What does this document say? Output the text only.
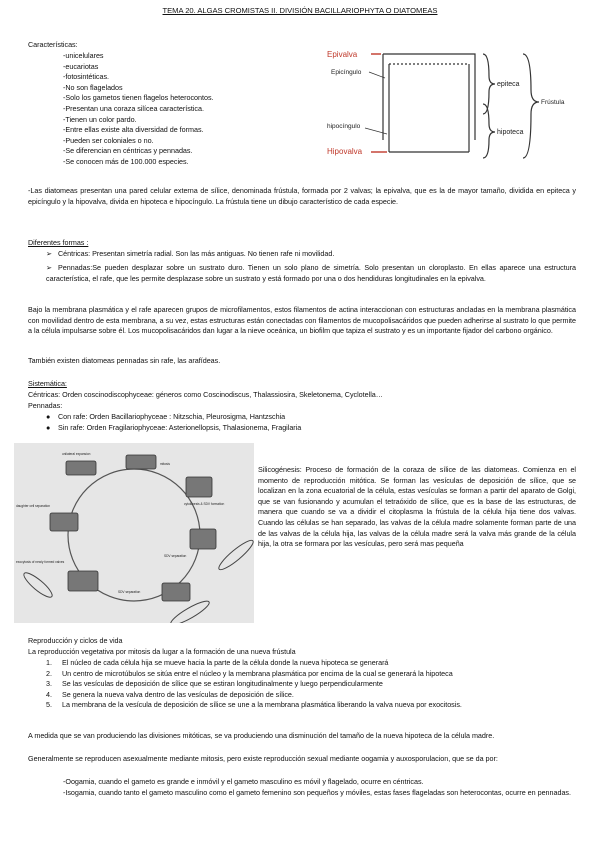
TEMA 20. ALGAS CROMISTAS II. DIVISIÓN BACILLARIOPHYTA O DIATOMEAS
Características:
-unicelulares
-eucariotas
-fotosintéticas.
-No son flagelados
-Solo los gametos tienen flagelos heterocontos.
-Presentan una coraza silícea característica.
-Tienen un color pardo.
-Entre ellas existe alta diversidad de formas.
-Pueden ser coloniales o no.
-Se diferencian en céntricas y pennadas.
-Se conocen más de 100.000 especies.
Epivalva
Epicíngulo
epiteca
hipocíngulo
Hipovalva
hipoteca
Frústula
-Las diatomeas presentan una pared celular externa de sílice, denominada frústula, formada por 2 valvas; la epivalva, que es la de mayor tamaño, dividida en epiteca y epicíngulo y la hipovalva, divida en hipoteca e hipocíngulo. La frústula tiene un dibujo característico de cada especie.
Diferentes formas :
➢ Céntricas: Presentan simetría radial. Son las más antiguas. No tienen rafe ni movilidad.
➢ Pennadas:Se pueden desplazar sobre un sustrato duro. Tienen un solo plano de simetría. Solo presentan un cloroplasto. En ellas aparece una estructura característica, el rafe, que les permite desplazase sobre un sustrato y está formado por una o dos hendiduras longitudinales en la epivalva.
Bajo la membrana plasmática y el rafe aparecen grupos de microfilamentos, estos filamentos de actina interaccionan con estructuras ancladas en la membrana plasmática con movilidad dentro de esta membrana, a su vez, estas estructuras están conectadas con filamentos de mucopolisacáridos que pueden adherirse al sustrato lo que permite a la célula impulsarse sobre él. Los mucopolisacáridos dan lugar a la nieve oceánica, un biofilm que tapiza el sustrato y es un importante fijador del carbono orgánico.
También existen diatomeas pennadas sin rafe, las arafídeas.
Sistemática:
Céntricas: Orden coscinodiscophyceae: géneros como Coscinodiscus, Thalassiosira, Skeletonema, Cyclotella…
Pennadas:
● Con rafe: Orden Bacillariophyceae : Nitzschia, Pleurosigma, Hantzschia
● Sin rafe: Orden Fragilariophyceae: Asterionellopsis, Thalasionema, Fragilaria
unilateral expansion
mitosis
cytokinesis & SDV formation
SDV separation
SDV separation
daughter cell separation
exocytosis of newly formed valves
Silicogénesis: Proceso de formación de la coraza de sílice de las diatomeas. Comienza en el momento de reproducción mitótica. Se forman las vesículas de deposición de sílice, que se localizan en la zona ecuatorial de la célula, estas vesículas se forman a partir del aparato de Golgi, que se van fusionando y acumulan el tetraóxido de sílice, que es la base de las estructuras, de manera que cuando se va a dividir el citoplasma la frústula de la célula hija tiene dos valvas. Cuando las células se han separado, las valvas de la célula madre solamente forman parte de una de las valvas de la célula hija, las valvas de la célula madre será la valva más grande de la célula hija, la otra se formara por las vesículas, pero será mas pequeña
Reproducción y ciclos de vida
La reproducción vegetativa por mitosis da lugar a la formación de una nueva frústula
1. El núcleo de cada célula hija se mueve hacia la parte de la célula donde la nueva hipoteca se generará
2. Un centro de microtúbulos se sitúa entre el núcleo y la membrana plasmática por encima de la cual se generará la hipoteca
3. Se las vesículas de deposición de sílice que se estiran longitudinalmente y luego perpendicularmente
4. Se genera la nueva valva dentro de las vesículas de deposición de sílice.
5. La membrana de la vesícula de deposición de sílice se une a la membrana plasmática liberando la valva nueva por exocitosis.
A medida que se van produciendo las divisiones mitóticas, se va produciendo una disminución del tamaño de la nueva hipoteca de la célula madre.
Generalmente se reproducen asexualmente mediante mitosis, pero existe reproducción sexual mediante oogamia y auxosporulacion, que se da por:
-Oogamia, cuando el gameto es grande e inmóvil y el gameto masculino es móvil y flagelado, ocurre en céntricas.
-Isogamia, cuando tanto el gameto masculino como el gameto femenino son pequeños y móviles, estas fases flageladas son heterocontas, ocurre en pennadas.
